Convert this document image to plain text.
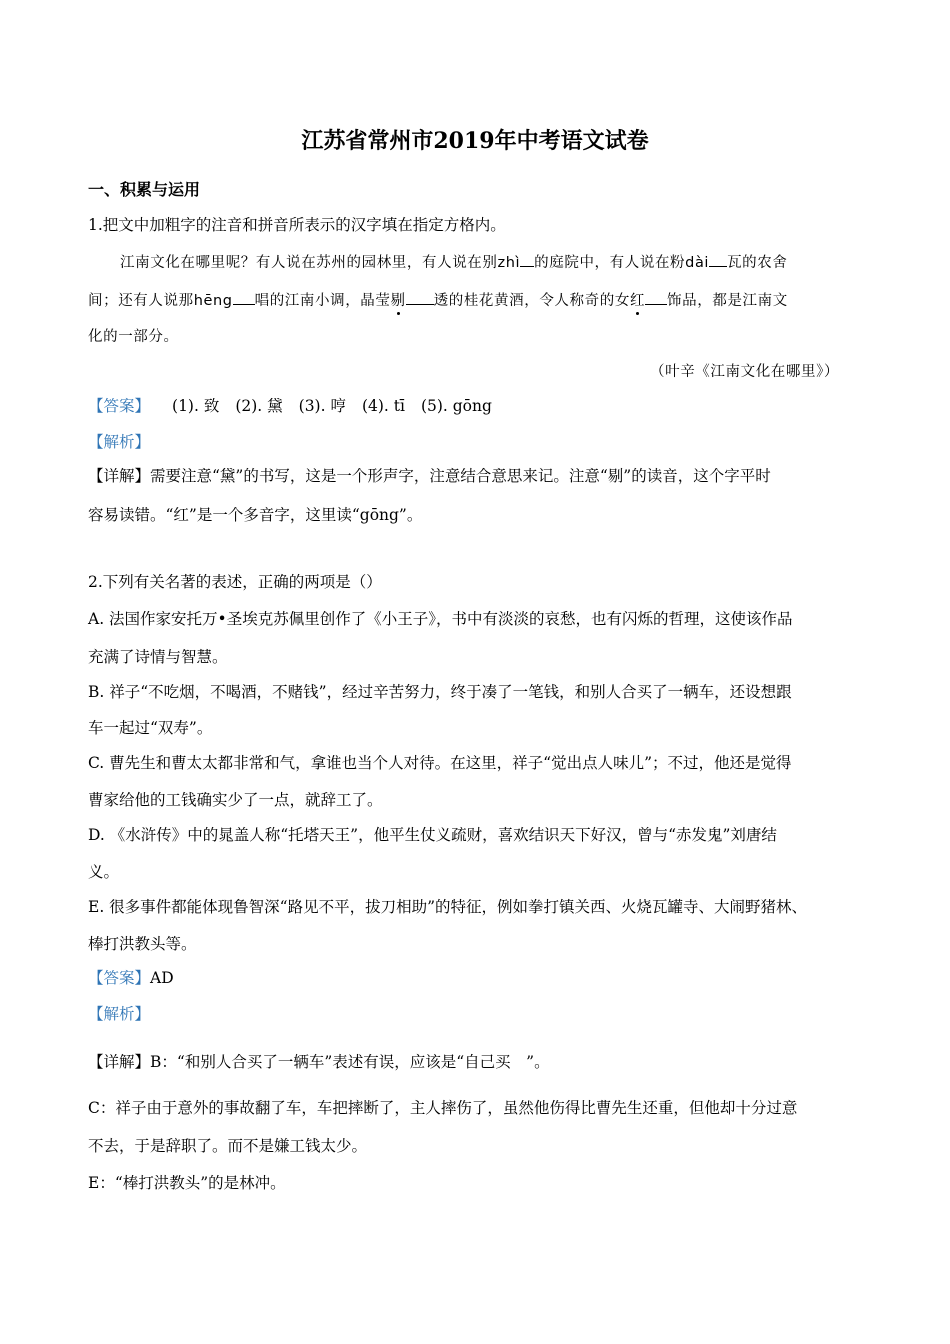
江苏省常州市2019年中考语文试卷
一、积累与运用
1.把文中加粗字的注音和拼音所表示的汉字填在指定方格内。
江南文化在哪里呢？有人说在苏州的园林里，有人说在别zhì 的庭院中，有人说在粉dài 瓦的农舍
间；还有人说那hēng 唱的江南小调，晶莹剔 透的桂花黄酒，令人称奇的女红 饰品，都是江南文
化的一部分。
（叶辛《江南文化在哪里》）
【答案】 (1). 致 (2). 黛 (3). 哼 (4). tī (5). gōng
【解析】
【详解】需要注意“黛”的书写，这是一个形声字，注意结合意思来记。注意“剔”的读音，这个字平时
容易读错。“红”是一个多音字，这里读“gōng”。
2.下列有关名著的表述，正确的两项是（）
A. 法国作家安托万•圣埃克苏佩里创作了《小王子》，书中有淡淡的哀愁，也有闪烁的哲理，这使该作品
充满了诗情与智慧。
B. 祥子“不吃烟，不喝酒，不赌钱”，经过辛苦努力，终于凑了一笔钱，和别人合买了一辆车，还设想跟
车一起过“双寿”。
C. 曹先生和曹太太都非常和气，拿谁也当个人对待。在这里，祥子“觉出点人味儿”；不过，他还是觉得
曹家给他的工钱确实少了一点，就辞工了。
D. 《水浒传》中的晁盖人称“托塔天王”，他平生仗义疏财，喜欢结识天下好汉，曾与“赤发鬼”刘唐结
义。
E. 很多事件都能体现鲁智深“路见不平，拔刀相助”的特征，例如拳打镇关西、火烧瓦罐寺、大闹野猪林、
棒打洪教头等。
【答案】AD
【解析】
【详解】B：“和别人合买了一辆车”表述有误，应该是“自己买　”。
C：祥子由于意外的事故翻了车，车把摔断了，主人摔伤了，虽然他伤得比曹先生还重，但他却十分过意
不去，于是辞职了。而不是嫌工钱太少。
E：“棒打洪教头”的是林冲。
